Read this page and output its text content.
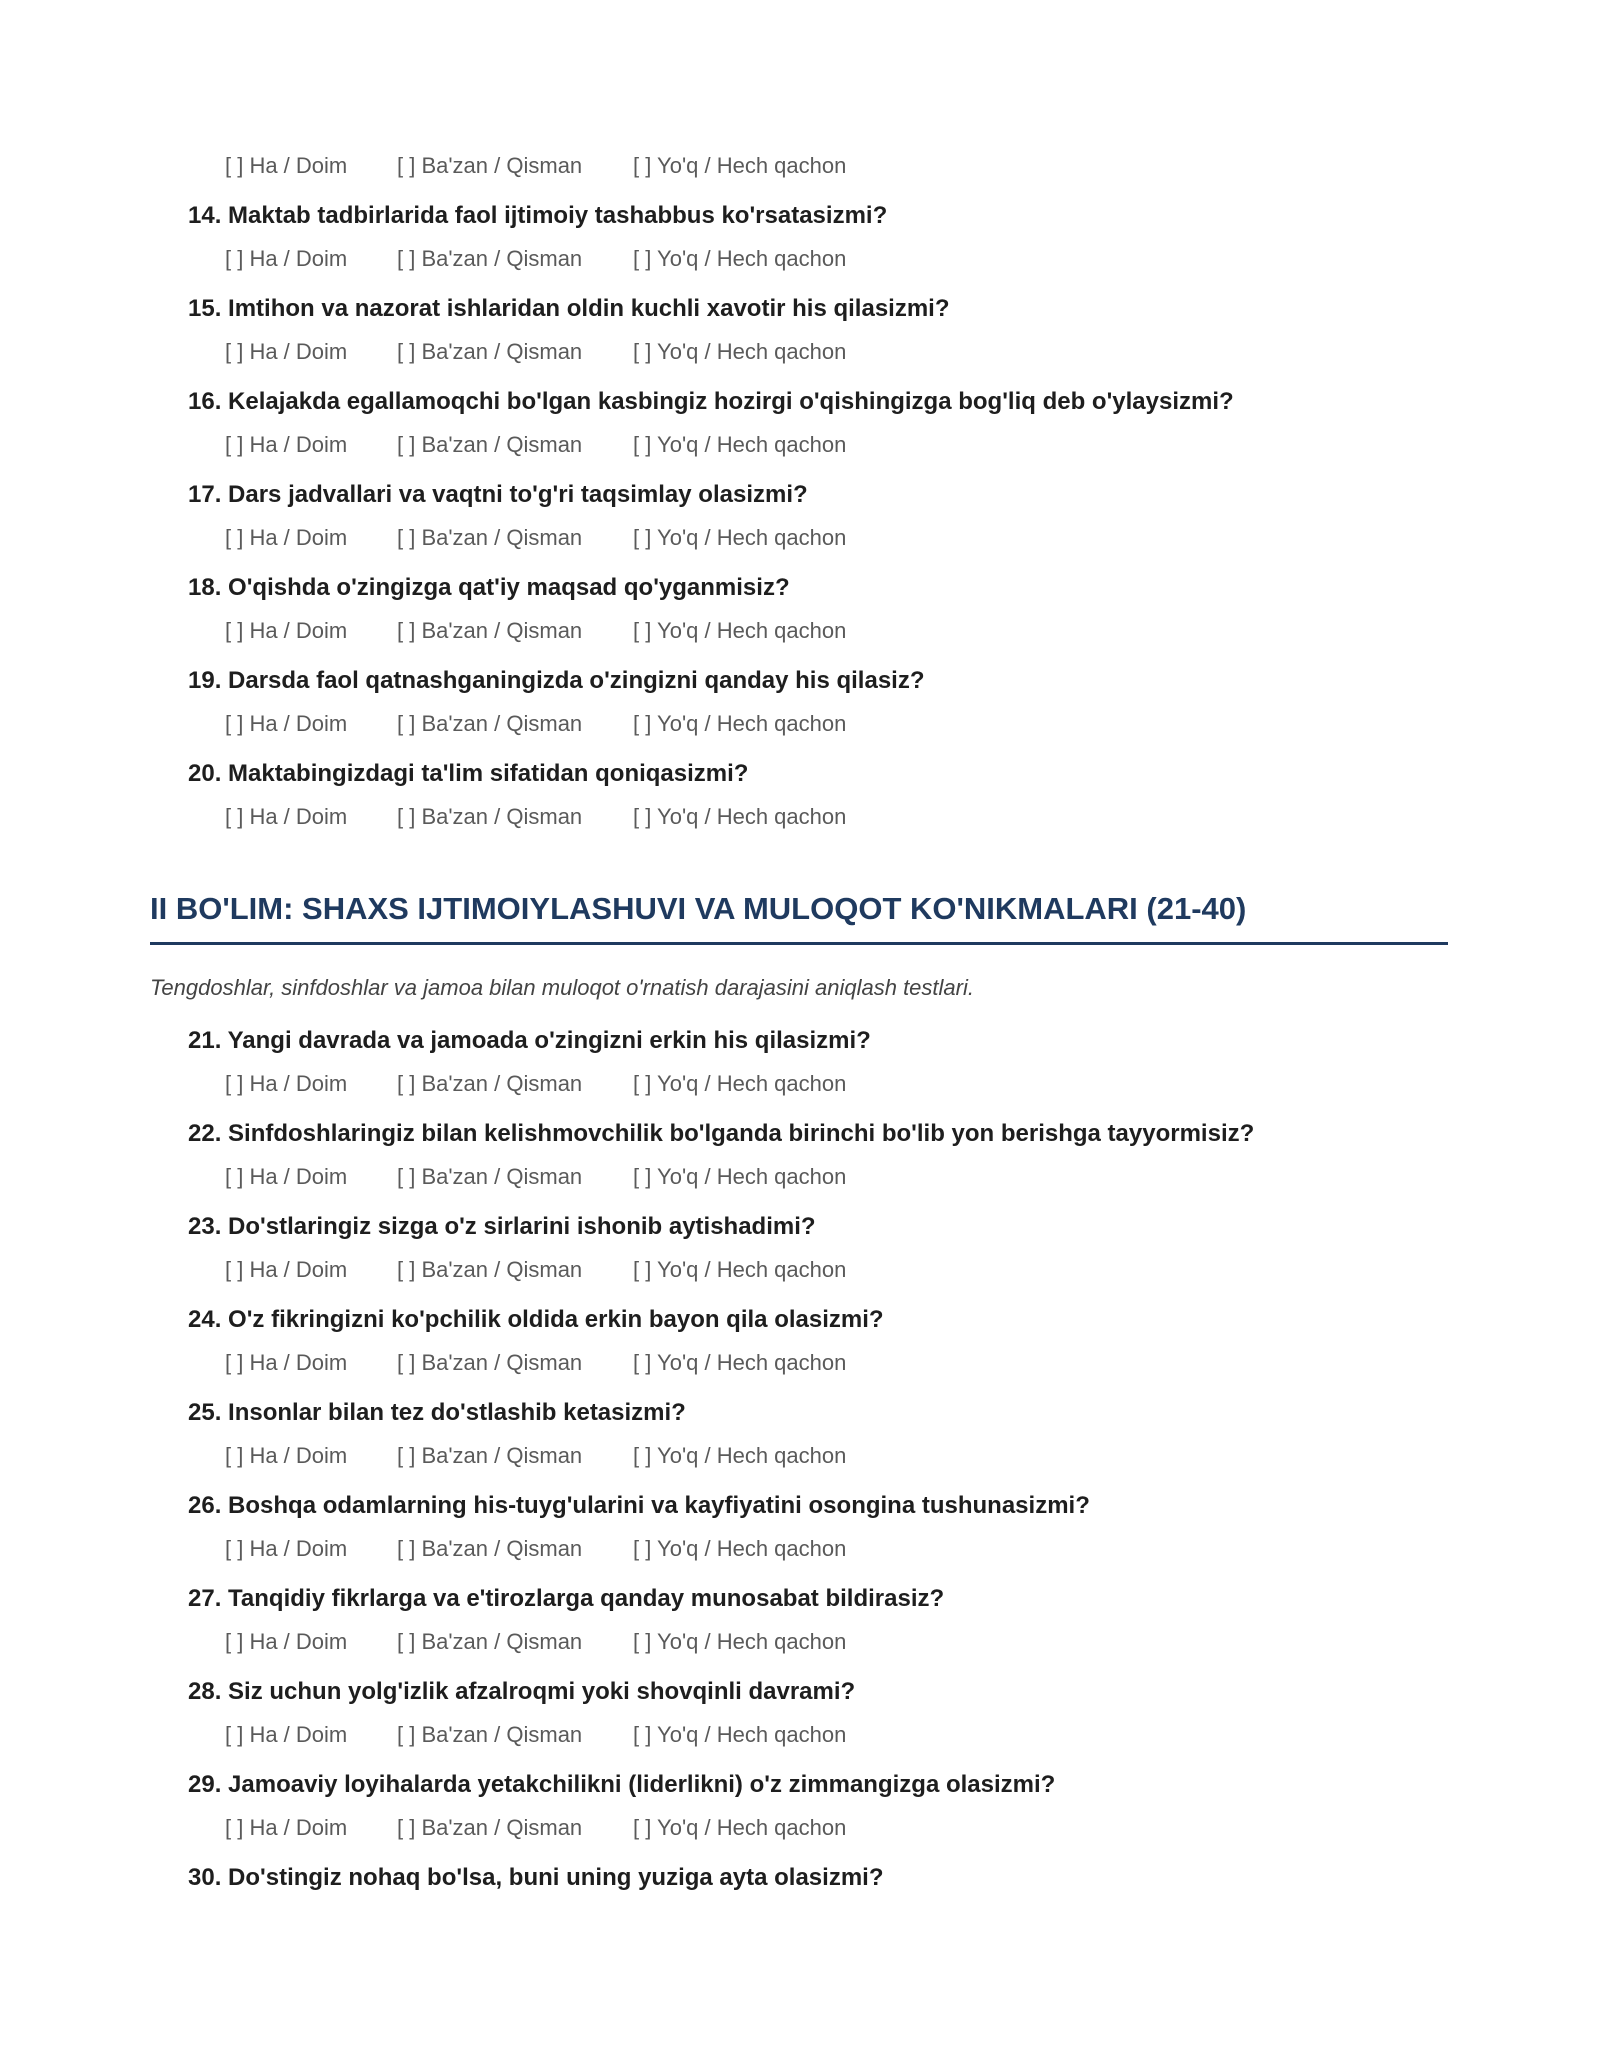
[ ] Ha / Doim [ ] Ba'zan / Qisman [ ] Yo'q / Hech qachon
14. Maktab tadbirlarida faol ijtimoiy tashabbus ko'rsatasizmi?
[ ] Ha / Doim [ ] Ba'zan / Qisman [ ] Yo'q / Hech qachon
15. Imtihon va nazorat ishlaridan oldin kuchli xavotir his qilasizmi?
[ ] Ha / Doim [ ] Ba'zan / Qisman [ ] Yo'q / Hech qachon
16. Kelajakda egallamoqchi bo'lgan kasbingiz hozirgi o'qishingizga bog'liq deb o'ylaysizmi?
[ ] Ha / Doim [ ] Ba'zan / Qisman [ ] Yo'q / Hech qachon
17. Dars jadvallari va vaqtni to'g'ri taqsimlay olasizmi?
[ ] Ha / Doim [ ] Ba'zan / Qisman [ ] Yo'q / Hech qachon
18. O'qishda o'zingizga qat'iy maqsad qo'yganmisiz?
[ ] Ha / Doim [ ] Ba'zan / Qisman [ ] Yo'q / Hech qachon
19. Darsda faol qatnashganingizda o'zingizni qanday his qilasiz?
[ ] Ha / Doim [ ] Ba'zan / Qisman [ ] Yo'q / Hech qachon
20. Maktabingizdagi ta'lim sifatidan qoniqasizmi?
[ ] Ha / Doim [ ] Ba'zan / Qisman [ ] Yo'q / Hech qachon
II BO'LIM: SHAXS IJTIMOIYLASHUVI VA MULOQOT KO'NIKMALARI (21-40)
Tengdoshlar, sinfdoshlar va jamoa bilan muloqot o'rnatish darajasini aniqlash testlari.
21. Yangi davrada va jamoada o'zingizni erkin his qilasizmi?
[ ] Ha / Doim [ ] Ba'zan / Qisman [ ] Yo'q / Hech qachon
22. Sinfdoshlaringiz bilan kelishmovchilik bo'lganda birinchi bo'lib yon berishga tayyormisiz?
[ ] Ha / Doim [ ] Ba'zan / Qisman [ ] Yo'q / Hech qachon
23. Do'stlaringiz sizga o'z sirlarini ishonib aytishadimi?
[ ] Ha / Doim [ ] Ba'zan / Qisman [ ] Yo'q / Hech qachon
24. O'z fikringizni ko'pchilik oldida erkin bayon qila olasizmi?
[ ] Ha / Doim [ ] Ba'zan / Qisman [ ] Yo'q / Hech qachon
25. Insonlar bilan tez do'stlashib ketasizmi?
[ ] Ha / Doim [ ] Ba'zan / Qisman [ ] Yo'q / Hech qachon
26. Boshqa odamlarning his-tuyg'ularini va kayfiyatini osongina tushunasizmi?
[ ] Ha / Doim [ ] Ba'zan / Qisman [ ] Yo'q / Hech qachon
27. Tanqidiy fikrlarga va e'tirozlarga qanday munosabat bildirasiz?
[ ] Ha / Doim [ ] Ba'zan / Qisman [ ] Yo'q / Hech qachon
28. Siz uchun yolg'izlik afzalroqmi yoki shovqinli davrami?
[ ] Ha / Doim [ ] Ba'zan / Qisman [ ] Yo'q / Hech qachon
29. Jamoaviy loyihalarda yetakchilikni (liderlikni) o'z zimmangizga olasizmi?
[ ] Ha / Doim [ ] Ba'zan / Qisman [ ] Yo'q / Hech qachon
30. Do'stingiz nohaq bo'lsa, buni uning yuziga ayta olasizmi?
